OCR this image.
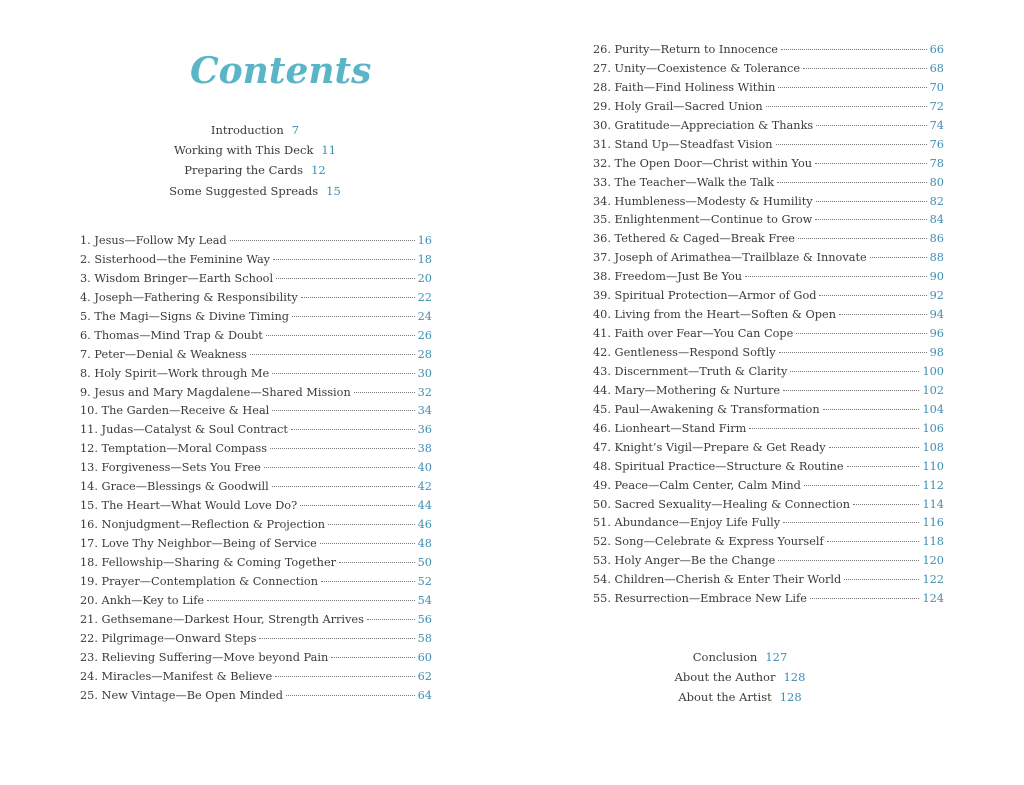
Contents
Introduction 7
Working with This Deck 11
Preparing the Cards 12
Some Suggested Spreads 15
1. Jesus—Follow My Lead	16
2. Sisterhood—the Feminine Way	18
3. Wisdom Bringer—Earth School	20
4. Joseph—Fathering & Responsibility	22
5. The Magi—Signs & Divine Timing	24
6. Thomas—Mind Trap & Doubt	26
7. Peter—Denial & Weakness	28
8. Holy Spirit—Work through Me	30
9. Jesus and Mary Magdalene—Shared Mission	32
10. The Garden—Receive & Heal	34
11. Judas—Catalyst & Soul Contract	36
12. Temptation—Moral Compass	38
13. Forgiveness—Sets You Free	40
14. Grace—Blessings & Goodwill	42
15. The Heart—What Would Love Do?	44
16. Nonjudgment—Reflection & Projection	46
17. Love Thy Neighbor—Being of Service	48
18. Fellowship—Sharing & Coming Together	50
19. Prayer—Contemplation & Connection	52
20. Ankh—Key to Life	54
21. Gethsemane—Darkest Hour, Strength Arrives	56
22. Pilgrimage—Onward Steps	58
23. Relieving Suffering—Move beyond Pain	60
24. Miracles—Manifest & Believe	62
25. New Vintage—Be Open Minded	64
26. Purity—Return to Innocence	66
27. Unity—Coexistence & Tolerance	68
28. Faith—Find Holiness Within	70
29. Holy Grail—Sacred Union	72
30. Gratitude—Appreciation & Thanks	74
31. Stand Up—Steadfast Vision	76
32. The Open Door—Christ within You	78
33. The Teacher—Walk the Talk	80
34. Humbleness—Modesty & Humility	82
35. Enlightenment—Continue to Grow	84
36. Tethered & Caged—Break Free	86
37. Joseph of Arimathea—Trailblaze & Innovate	88
38. Freedom—Just Be You	90
39. Spiritual Protection—Armor of God	92
40. Living from the Heart—Soften & Open	94
41. Faith over Fear—You Can Cope	96
42. Gentleness—Respond Softly	98
43. Discernment—Truth & Clarity	100
44. Mary—Mothering & Nurture	102
45. Paul—Awakening & Transformation	104
46. Lionheart—Stand Firm	106
47. Knight’s Vigil—Prepare & Get Ready	108
48. Spiritual Practice—Structure & Routine	110
49. Peace—Calm Center, Calm Mind	112
50. Sacred Sexuality—Healing & Connection	114
51. Abundance—Enjoy Life Fully	116
52. Song—Celebrate & Express Yourself	118
53. Holy Anger—Be the Change	120
54. Children—Cherish & Enter Their World	122
55. Resurrection—Embrace New Life	124
Conclusion 127
About the Author 128
About the Artist 128
